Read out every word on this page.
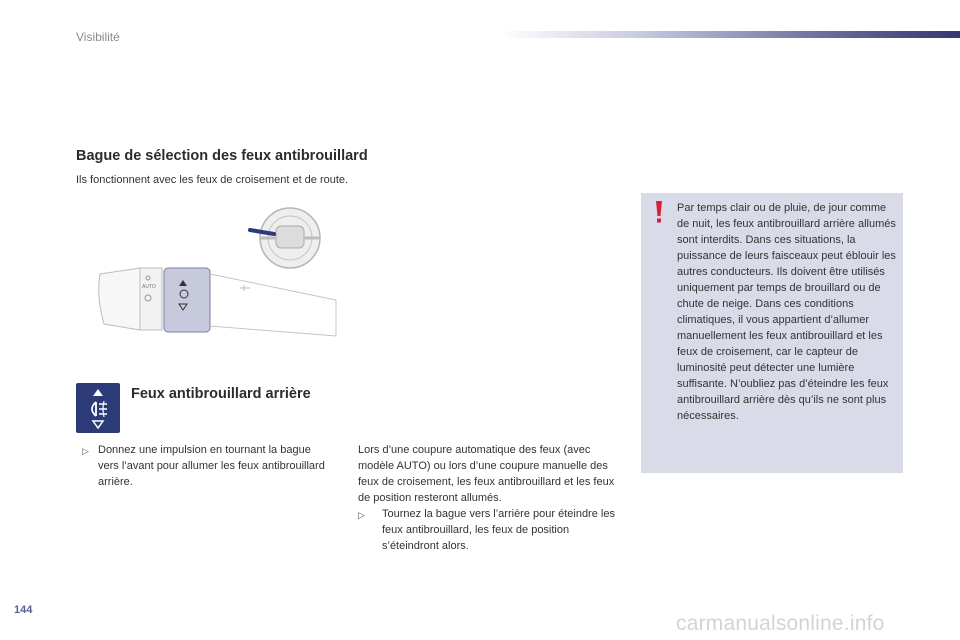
Visibilité
Bague de sélection des feux antibrouillard
Ils fonctionnent avec les feux de croisement et de route.
AUTO
Feux antibrouillard arrière
▷ Donnez une impulsion en tournant la bague vers l’avant pour allumer les feux antibrouillard arrière.
Lors d’une coupure automatique des feux (avec modèle AUTO) ou lors d’une coupure manuelle des feux de croisement, les feux antibrouillard et les feux de position resteront allumés.
▷ Tournez la bague vers l’arrière pour éteindre les feux antibrouillard, les feux de position s’éteindront alors.
Par temps clair ou de pluie, de jour comme de nuit, les feux antibrouillard arrière allumés sont interdits. Dans ces situations, la puissance de leurs faisceaux peut éblouir les autres conducteurs. Ils doivent être utilisés uniquement par temps de brouillard ou de chute de neige. Dans ces conditions climatiques, il vous appartient d’allumer manuellement les feux antibrouillard et les feux de croisement, car le capteur de luminosité peut détecter une lumière suffisante. N’oubliez pas d’éteindre les feux antibrouillard arrière dès qu’ils ne sont plus nécessaires.
144
carmanualsonline.info
